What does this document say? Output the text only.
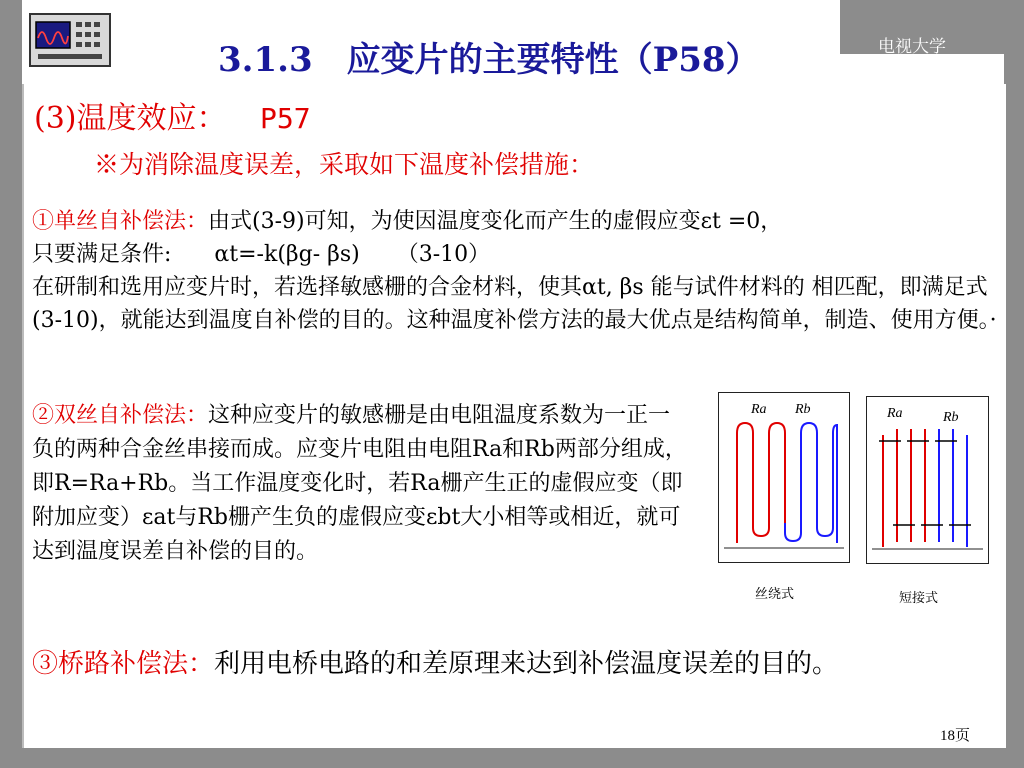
3.1.3　应变片的主要特性（P58）	电视大学
(3)温度效应： P57
※为消除温度误差，采取如下温度补偿措施：
①单丝自补偿法：由式(3-9)可知，为使因温度变化而产生的虚假应变εt =0，
只要满足条件: αt=-k(βg- βs) （3-10）
在研制和选用应变片时，若选择敏感栅的合金材料，使其αt, βs 能与试件材料的 相匹配，即满足式(3-10)，就能达到温度自补偿的目的。这种温度补偿方法的最大优点是结构简单，制造、使用方便。·
②双丝自补偿法：这种应变片的敏感栅是由电阻温度系数为一正一负的两种合金丝串接而成。应变片电阻由电阻Ra和Rb两部分组成，即R=Ra+Rb。当工作温度变化时，若Ra栅产生正的虚假应变（即附加应变）εat与Rb栅产生负的虚假应变εbt大小相等或相近，就可达到温度误差自补偿的目的。
Ra Rb
丝绕式
Ra	Rb
短接式
③桥路补偿法：利用电桥电路的和差原理来达到补偿温度误差的目的。
18页
